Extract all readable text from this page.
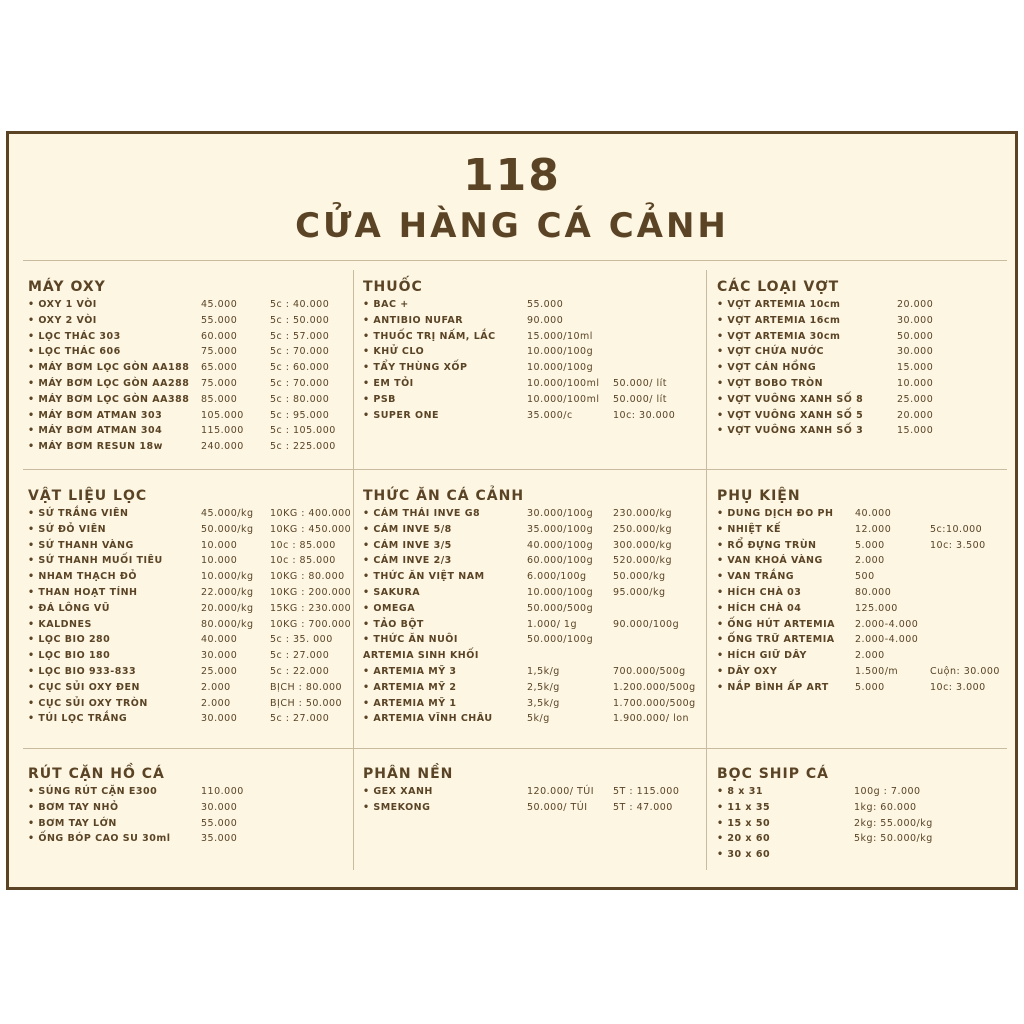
118
CỬA HÀNG CÁ CẢNH
MÁY OXY
• OXY 1 VÒI	45.000	5c : 40.000
• OXY 2 VÒI	55.000	5c : 50.000
• LỌC THÁC 303	60.000	5c : 57.000
• LỌC THÁC 606	75.000	5c : 70.000
• MÁY BƠM LỌC GÒN AA188 65.000	5c : 60.000
• MÁY BƠM LỌC GÒN AA288 75.000	5c : 70.000
• MÁY BƠM LỌC GÒN AA388 85.000	5c : 80.000
• MÁY BƠM ATMAN 303	105.000	5c : 95.000
• MÁY BƠM ATMAN 304	115.000	5c : 105.000
• MÁY BƠM RESUN 18w	240.000	5c : 225.000
THUỐC
• BAC +	55.000
• ANTIBIO NUFAR	90.000
• THUỐC TRỊ NẤM, LẮC	15.000/10ml
• KHỬ CLO	10.000/100g
• TẨY THÙNG XỐP	10.000/100g
• EM TỎI	10.000/100ml 50.000/ lít
• PSB	10.000/100ml 50.000/ lít
• SUPER ONE	35.000/c	10c: 30.000
CÁC LOẠI VỢT
• VỢT ARTEMIA 10cm	20.000
• VỢT ARTEMIA 16cm	30.000
• VỢT ARTEMIA 30cm	50.000
• VỢT CHỨA NƯỚC	30.000
• VỢT CÁN HỒNG	15.000
• VỢT BOBO TRÒN	10.000
• VỢT VUÔNG XANH SỐ 8	25.000
• VỢT VUÔNG XANH SỐ 5	20.000
• VỢT VUÔNG XANH SỐ 3	15.000
VẬT LIỆU LỌC
• SỨ TRẮNG VIÊN	45.000/kg 10KG : 400.000
• SỨ ĐỎ VIÊN	50.000/kg 10KG : 450.000
• SỨ THANH VÀNG	10.000	10c : 85.000
• SỨ THANH MUỐI TIÊU	10.000	10c : 85.000
• NHAM THẠCH ĐỎ	10.000/kg 10KG : 80.000
• THAN HOẠT TÍNH	22.000/kg 10KG : 200.000
• ĐÁ LÔNG VŨ	20.000/kg 15KG : 230.000
• KALDNES	80.000/kg 10KG : 700.000
• LỌC BIO 280	40.000	5c : 35. 000
• LỌC BIO 180	30.000	5c : 27.000
• LỌC BIO 933-833	25.000	5c : 22.000
• CỤC SỦI OXY ĐEN	2.000	BỊCH : 80.000
• CỤC SỦI OXY TRÒN	2.000	BỊCH : 50.000
• TÚI LỌC TRẮNG	30.000	5c : 27.000
THỨC ĂN CÁ CẢNH
• CÁM THÁI INVE G8	30.000/100g 230.000/kg
• CÁM INVE 5/8	35.000/100g 250.000/kg
• CÁM INVE 3/5	40.000/100g 300.000/kg
• CÁM INVE 2/3	60.000/100g 520.000/kg
• THỨC ĂN VIỆT NAM	6.000/100g	50.000/kg
• SAKURA	10.000/100g 95.000/kg
• OMEGA	50.000/500g
• TẢO BỘT	1.000/ 1g	90.000/100g
• THỨC ĂN NUÔI	50.000/100g
ARTEMIA SINH KHỐI
• ARTEMIA MỸ 3	1,5k/g	700.000/500g
• ARTEMIA MỸ 2	2,5k/g	1.200.000/500g
• ARTEMIA MỸ 1	3,5k/g	1.700.000/500g
• ARTEMIA VĨNH CHÂU	5k/g	1.900.000/ lon
PHỤ KIỆN
• DUNG DỊCH ĐO PH 40.000
• NHIỆT KẾ	12.000	5c:10.000
• RỔ ĐỰNG TRÙN	5.000	10c: 3.500
• VAN KHOÁ VÀNG	2.000
• VAN TRẮNG	500
• HÍCH CHÀ 03	80.000
• HÍCH CHÀ 04	125.000
• ỐNG HÚT ARTEMIA 2.000-4.000
• ỐNG TRỮ ARTEMIA 2.000-4.000
• HÍCH GIỮ DÂY	2.000
• DÂY OXY	1.500/m	Cuộn: 30.000
• NẮP BÌNH ẤP ART	5.000	10c: 3.000
RÚT CẶN HỒ CÁ
• SÚNG RÚT CẶN E300	110.000
• BƠM TAY NHỎ	30.000
• BƠM TAY LỚN	55.000
• ỐNG BÓP CAO SU 30ml	35.000
PHÂN NỀN
• GEX XANH	120.000/ TÚI 5T : 115.000
• SMEKONG	50.000/ TÚI	5T : 47.000
BỌC SHIP CÁ
• 8 x 31	100g : 7.000
• 11 x 35	1kg: 60.000
• 15 x 50	2kg: 55.000/kg
• 20 x 60	5kg: 50.000/kg
• 30 x 60
